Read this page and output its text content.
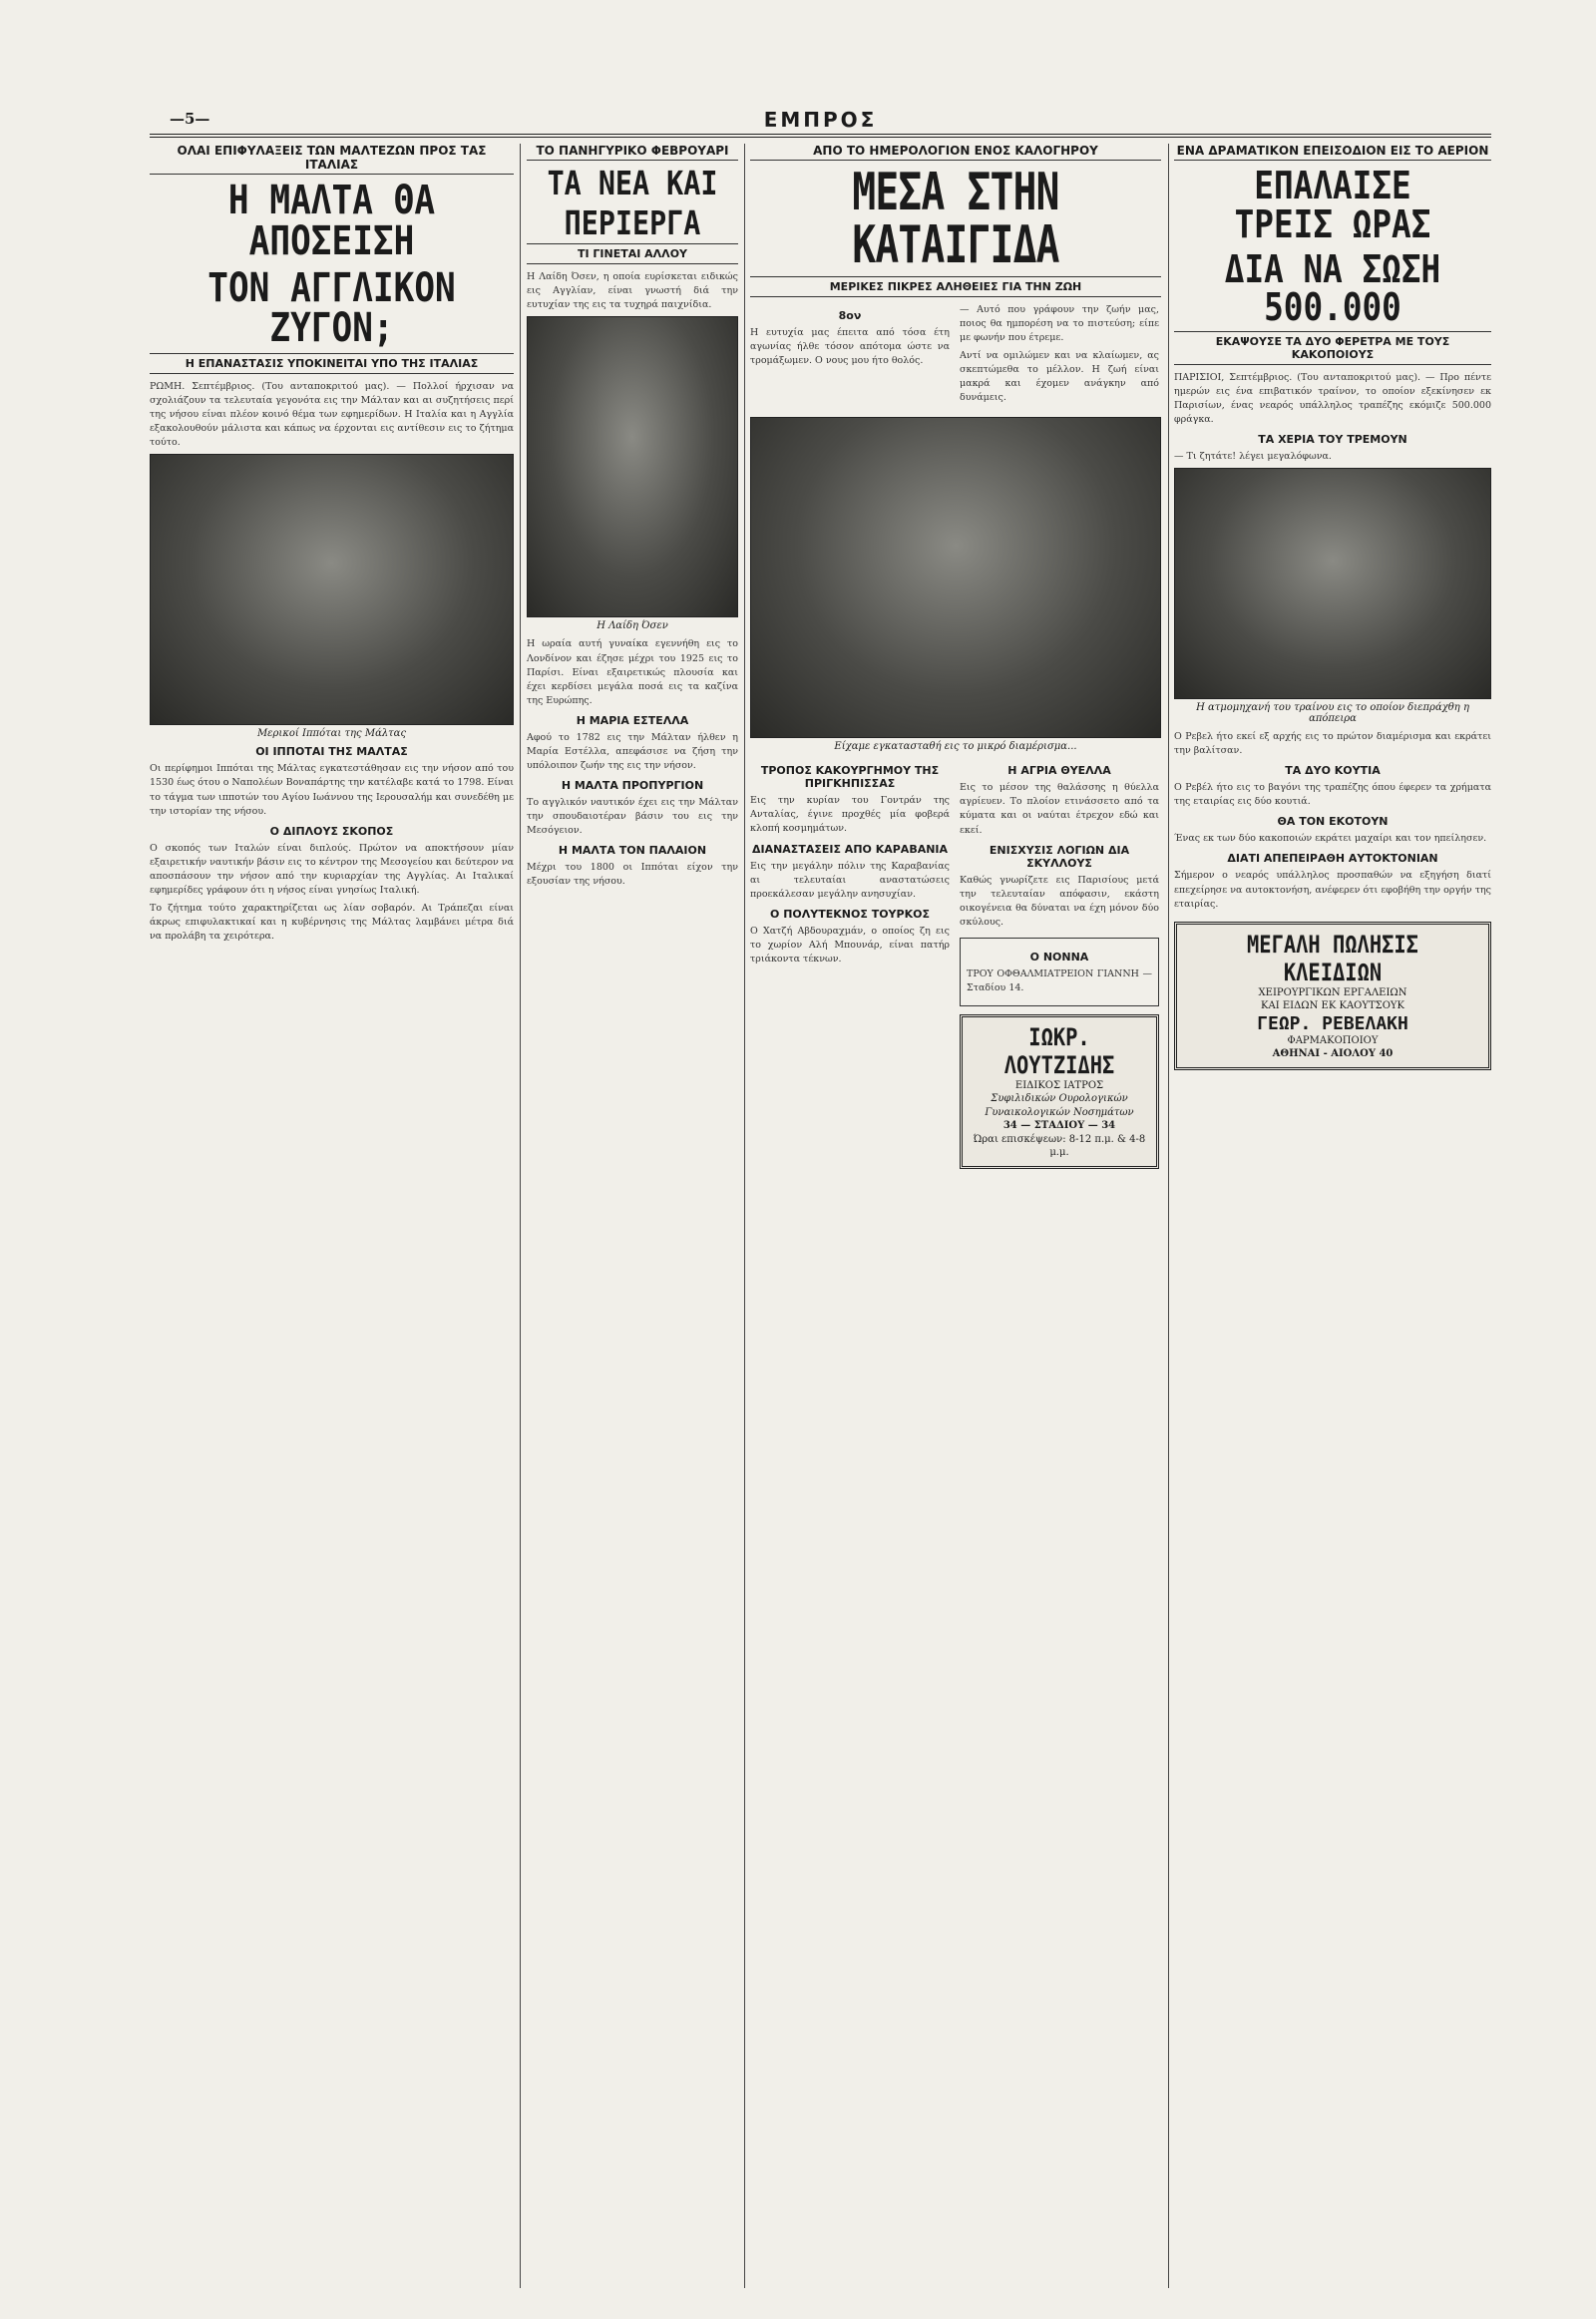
—5—	ΕΜΠΡΟΣ
ΟΛΑΙ ΕΠΙΦΥΛΑΞΕΙΣ ΤΩΝ ΜΑΛΤΕΖΩΝ ΠΡΟΣ ΤΑΣ ΙΤΑΛΙΑΣ
Η ΜΑΛΤΑ ΘΑ ΑΠΟΣΕΙΣΗ
ΤΟΝ ΑΓΓΛΙΚΟΝ ΖΥΓΟΝ;
Η ΕΠΑΝΑΣΤΑΣΙΣ ΥΠΟΚΙΝΕΙΤΑΙ ΥΠΟ ΤΗΣ ΙΤΑΛΙΑΣ

ΡΩΜΗ. Σεπτέμβριος. (Του ανταποκριτού μας). — Πολλοί ήρχισαν να σχολιάζουν τα τελευταία γεγονότα εις την Μάλταν και αι συζητήσεις περί της νήσου είναι πλέον κοινό θέμα των εφημερίδων. Η Ιταλία και η Αγγλία εξακολουθούν μάλιστα και κάπως να έρχονται εις αντίθεσιν εις το ζήτημα τούτο.

Μερικοί Ιππόται της Μάλτας
ΟΙ ΙΠΠΟΤΑΙ ΤΗΣ ΜΑΛΤΑΣ

Οι περίφημοι Ιππόται της Μάλτας εγκατεστάθησαν εις την νήσον από του 1530 έως ότου ο Ναπολέων Βοναπάρτης την κατέλαβε κατά το 1798. Είναι το τάγμα των ιπποτών του Αγίου Ιωάννου της Ιερουσαλήμ και συνεδέθη με την ιστορίαν της νήσου.

Ο ΔΙΠΛΟΥΣ ΣΚΟΠΟΣ

Ο σκοπός των Ιταλών είναι διπλούς. Πρώτον να αποκτήσουν μίαν εξαιρετικήν ναυτικήν βάσιν εις το κέντρον της Μεσογείου και δεύτερον να αποσπάσουν την νήσον από την κυριαρχίαν της Αγγλίας. Αι Ιταλικαί εφημερίδες γράφουν ότι η νήσος είναι γνησίως Ιταλική.

Το ζήτημα τούτο χαρακτηρίζεται ως λίαν σοβαρόν. Αι Τράπεζαι είναι άκρως επιφυλακτικαί και η κυβέρνησις της Μάλτας λαμβάνει μέτρα διά να προλάβη τα χειρότερα.

ΤΟ ΠΑΝΗΓΥΡΙΚΟ ΦΕΒΡΟΥΑΡΙ
ΤΑ ΝΕΑ ΚΑΙ
ΠΕΡΙΕΡΓΑ
ΤΙ ΓΙΝΕΤΑΙ ΑΛΛΟΥ

Η Λαίδη Όσεν, η οποία ευρίσκεται ειδικώς εις Αγγλίαν, είναι γνωστή διά την ευτυχίαν της εις τα τυχηρά παιχνίδια.

Η Λαίδη Όσεν

Η ωραία αυτή γυναίκα εγεννήθη εις το Λονδίνον και έζησε μέχρι του 1925 εις το Παρίσι. Είναι εξαιρετικώς πλουσία και έχει κερδίσει μεγάλα ποσά εις τα καζίνα της Ευρώπης.

Η ΜΑΡΙΑ ΕΣΤΕΛΛΑ

Αφού το 1782 εις την Μάλταν ήλθεν η Μαρία Εστέλλα, απεφάσισε να ζήση την υπόλοιπον ζωήν της εις την νήσον.

Η ΜΑΛΤΑ ΠΡΟΠΥΡΓΙΟΝ

Το αγγλικόν ναυτικόν έχει εις την Μάλταν την σπουδαιοτέραν βάσιν του εις την Μεσόγειον.

Η ΜΑΛΤΑ ΤΟΝ ΠΑΛΑΙΟΝ

Μέχρι του 1800 οι Ιππόται είχον την εξουσίαν της νήσου.

ΑΠΟ ΤΟ ΗΜΕΡΟΛΟΓΙΟΝ ΕΝΟΣ ΚΑΛΟΓΗΡΟΥ
ΜΕΣΑ ΣΤΗΝ ΚΑΤΑΙΓΙΔΑ
ΜΕΡΙΚΕΣ ΠΙΚΡΕΣ ΑΛΗΘΕΙΕΣ ΓΙΑ ΤΗΝ ΖΩΗ
8ον

Η ευτυχία μας έπειτα από τόσα έτη αγωνίας ήλθε τόσον απότομα ώστε να τρομάξωμεν. Ο νους μου ήτο θολός.

— Αυτό που γράφουν την ζωήν μας, ποιος θα ημπορέση να το πιστεύση; είπε με φωνήν που έτρεμε.

Αντί να ομιλώμεν και να κλαίωμεν, ας σκεπτώμεθα το μέλλον. Η ζωή είναι μακρά και έχομεν ανάγκην από δυνάμεις.

Είχαμε εγκατασταθή εις το μικρό διαμέρισμα...
ΤΡΟΠΟΣ ΚΑΚΟΥΡΓΗΜΟΥ ΤΗΣ ΠΡΙΓΚΗΠΙΣΣΑΣ

Εις την κυρίαν του Γοντράν της Ανταλίας, έγινε προχθές μία φοβερά κλοπή κοσμημάτων.

ΔΙΑΝΑΣΤΑΣΕΙΣ ΑΠΟ ΚΑΡΑΒΑΝΙΑ

Εις την μεγάλην πόλιν της Καραβανίας αι τελευταίαι αναστατώσεις προεκάλεσαν μεγάλην ανησυχίαν.

Ο ΠΟΛΥΤΕΚΝΟΣ ΤΟΥΡΚΟΣ

Ο Χατζή Αβδουραχμάν, ο οποίος ζη εις το χωρίον Αλή Μπουνάρ, είναι πατήρ τριάκοντα τέκνων.

Η ΑΓΡΙΑ ΘΥΕΛΛΑ

Εις το μέσον της θαλάσσης η θύελλα αγρίευεν. Το πλοίον ετινάσσετο από τα κύματα και οι ναύται έτρεχον εδώ και εκεί.

ΕΝΙΣΧΥΣΙΣ ΛΟΓΙΩΝ ΔΙΑ ΣΚΥΛΛΟΥΣ

Καθώς γνωρίζετε εις Παρισίους μετά την τελευταίαν απόφασιν, εκάστη οικογένεια θα δύναται να έχη μόνον δύο σκύλους.

Ο ΝΟΝΝΑ

ΤΡΟΥ ΟΦΘΑΛΜΙΑΤΡΕΙΟΝ ΓΙΑΝΝΗ — Σταδίου 14.

ΙΩΚΡ. ΛΟΥΤΖΙΔΗΣ
ΕΙΔΙΚΟΣ ΙΑΤΡΟΣ
Συφιλιδικών Ουρολογικών Γυναικολογικών Νοσημάτων
34 — ΣΤΑΔΙΟΥ — 34
Ώραι επισκέψεων: 8-12 π.μ. & 4-8 μ.μ.
ΕΝΑ ΔΡΑΜΑΤΙΚΟΝ ΕΠΕΙΣΟΔΙΟΝ ΕΙΣ ΤΟ ΑΕΡΙΟΝ
ΕΠΑΛΑΙΣΕ ΤΡΕΙΣ ΩΡΑΣ
ΔΙΑ ΝΑ ΣΩΣΗ 500.000
ΕΚΑΨΟΥΣΕ ΤΑ ΔΥΟ ΦΕΡΕΤΡΑ ΜΕ ΤΟΥΣ ΚΑΚΟΠΟΙΟΥΣ

ΠΑΡΙΣΙΟΙ, Σεπτέμβριος. (Του ανταποκριτού μας). — Προ πέντε ημερών εις ένα επιβατικόν τραίνον, το οποίον εξεκίνησεν εκ Παρισίων, ένας νεαρός υπάλληλος τραπέζης εκόμιζε 500.000 φράγκα.

ΤΑ ΧΕΡΙΑ ΤΟΥ ΤΡΕΜΟΥΝ

— Τι ζητάτε! λέγει μεγαλόφωνα.

Η ατμομηχανή του τραίνου εις το οποίον διεπράχθη η απόπειρα

Ο Ρεβελ ήτο εκεί εξ αρχής εις το πρώτον διαμέρισμα και εκράτει την βαλίτσαν.

ΤΑ ΔΥΟ ΚΟΥΤΙΑ

Ο Ρεβέλ ήτο εις το βαγόνι της τραπέζης όπου έφερεν τα χρήματα της εταιρίας εις δύο κουτιά.

ΘΑ ΤΟΝ ΕΚΟΤΟΥΝ

Ένας εκ των δύο κακοποιών εκράτει μαχαίρι και τον ηπείλησεν.

ΔΙΑΤΙ ΑΠΕΠΕΙΡΑΘΗ ΑΥΤΟΚΤΟΝΙΑΝ

Σήμερον ο νεαρός υπάλληλος προσπαθών να εξηγήση διατί επεχείρησε να αυτοκτονήση, ανέφερεν ότι εφοβήθη την οργήν της εταιρίας.

ΜΕΓΑΛΗ ΠΩΛΗΣΙΣ
ΚΛΕΙΔΙΩΝ
ΧΕΙΡΟΥΡΓΙΚΩΝ ΕΡΓΑΛΕΙΩΝ
ΚΑΙ ΕΙΔΩΝ ΕΚ ΚΑΟΥΤΣΟΥΚ
ΓΕΩΡ. ΡΕΒΕΛΑΚΗ
ΦΑΡΜΑΚΟΠΟΙΟΥ
ΑΘΗΝΑΙ - ΑΙΟΛΟΥ 40
